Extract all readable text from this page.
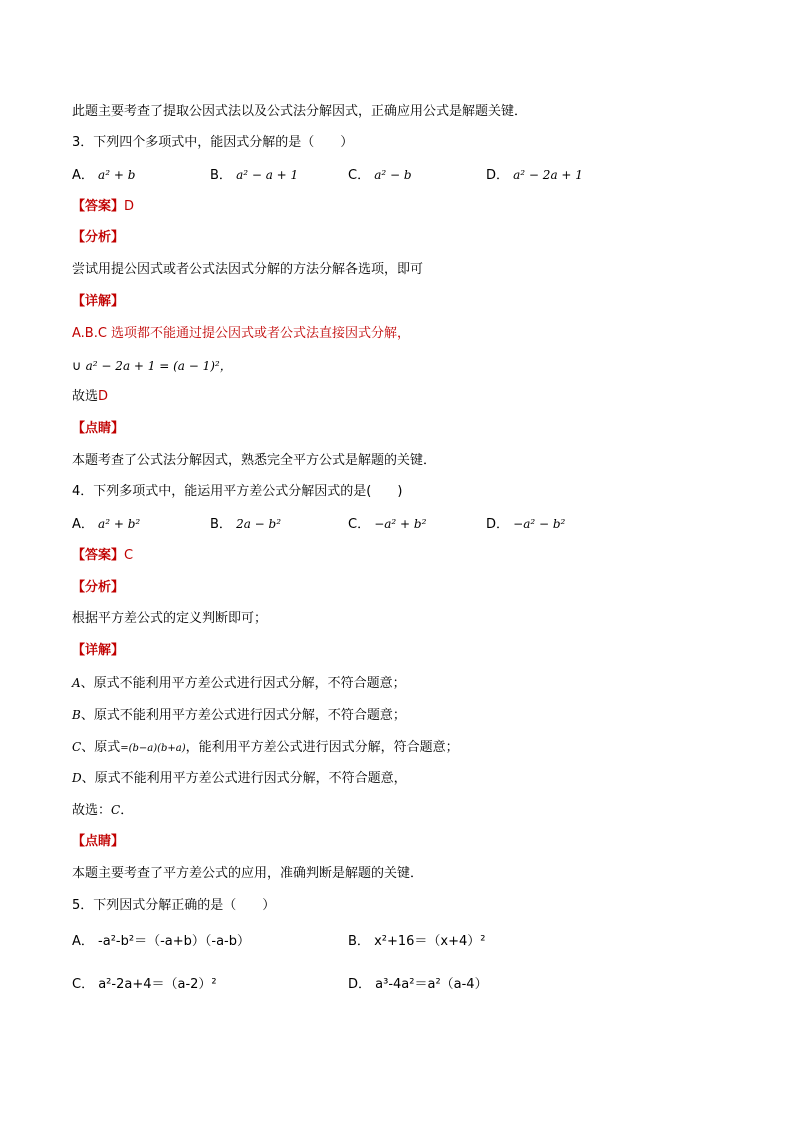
此题主要考查了提取公因式法以及公式法分解因式，正确应用公式是解题关键．
3．下列四个多项式中，能因式分解的是（　　）
A． a² + b	B． a² − a + 1	C． a² − b	D． a² − 2a + 1
【答案】D
【分析】
尝试用提公因式或者公式法因式分解的方法分解各选项，即可
【详解】
A.B.C 选项都不能通过提公因式或者公式法直接因式分解，
∪ a² − 2a + 1 = (a − 1)²，
故选D
【点睛】
本题考查了公式法分解因式，熟悉完全平方公式是解题的关键．
4．下列多项式中，能运用平方差公式分解因式的是(　　)
A． a² + b²	B． 2a − b²	C． −a² + b²	D． −a² − b²
【答案】C
【分析】
根据平方差公式的定义判断即可；
【详解】
A、原式不能利用平方差公式进行因式分解，不符合题意；
B、原式不能利用平方差公式进行因式分解，不符合题意；
C、原式=(b−a)(b+a)，能利用平方差公式进行因式分解，符合题意；
D、原式不能利用平方差公式进行因式分解，不符合题意，
故选：C．
【点睛】
本题主要考查了平方差公式的应用，准确判断是解题的关键．
5．下列因式分解正确的是（　　）
A． -a²-b²＝（-a+b）（-a-b）	B． x²+16＝（x+4）²
C． a²-2a+4＝（a-2）²	D． a³-4a²＝a²（a-4）
